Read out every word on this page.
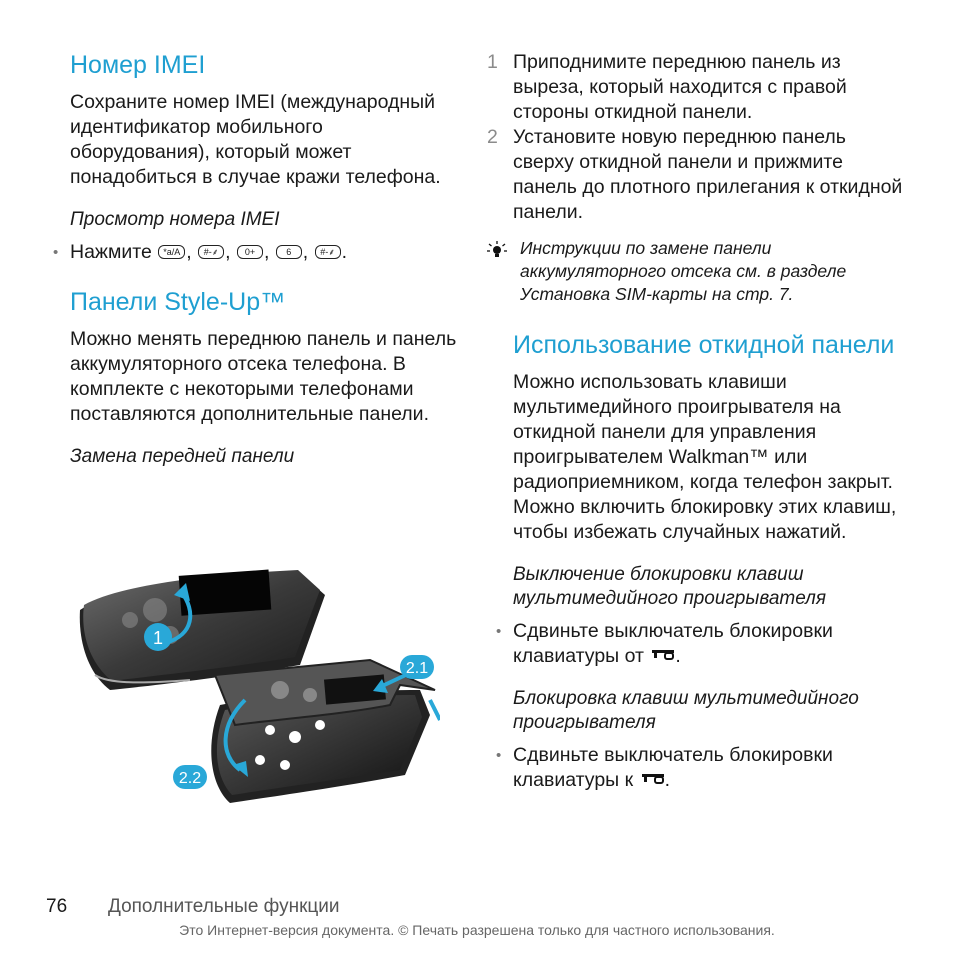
Номер IMEI

Сохраните номер IMEI (международный идентификатор мобильного оборудования), который может понадобиться в случае кражи телефона.

Просмотр номера IMEI

• Нажмите *a/A , #-⸙ , 0+ , 6 , #-⸙ .
Панели Style-Up™

Можно менять переднюю панель и панель аккумуляторного отсека телефона. В комплекте с некоторыми телефонами поставляются дополнительные панели.

Замена передней панели

1
2.1
2.2
1 Приподнимите переднюю панель из выреза, который находится с правой стороны откидной панели.
2 Установите новую переднюю панель сверху откидной панели и прижмите панель до плотного прилегания к откидной панели.
Инструкции по замене панели аккумуляторного отсека см. в разделе Установка SIM-карты на стр. 7.
Использование откидной панели

Можно использовать клавиши мультимедийного проигрывателя на откидной панели для управления проигрывателем Walkman™ или радиоприемником, когда телефон закрыт. Можно включить блокировку этих клавиш, чтобы избежать случайных нажатий.

Выключение блокировки клавиш мультимедийного проигрывателя

• Сдвиньте выключатель блокировки клавиатуры от .

Блокировка клавиш мультимедийного проигрывателя

• Сдвиньте выключатель блокировки клавиатуры к .
76 Дополнительные функции
Это Интернет-версия документа. © Печать разрешена только для частного использования.
